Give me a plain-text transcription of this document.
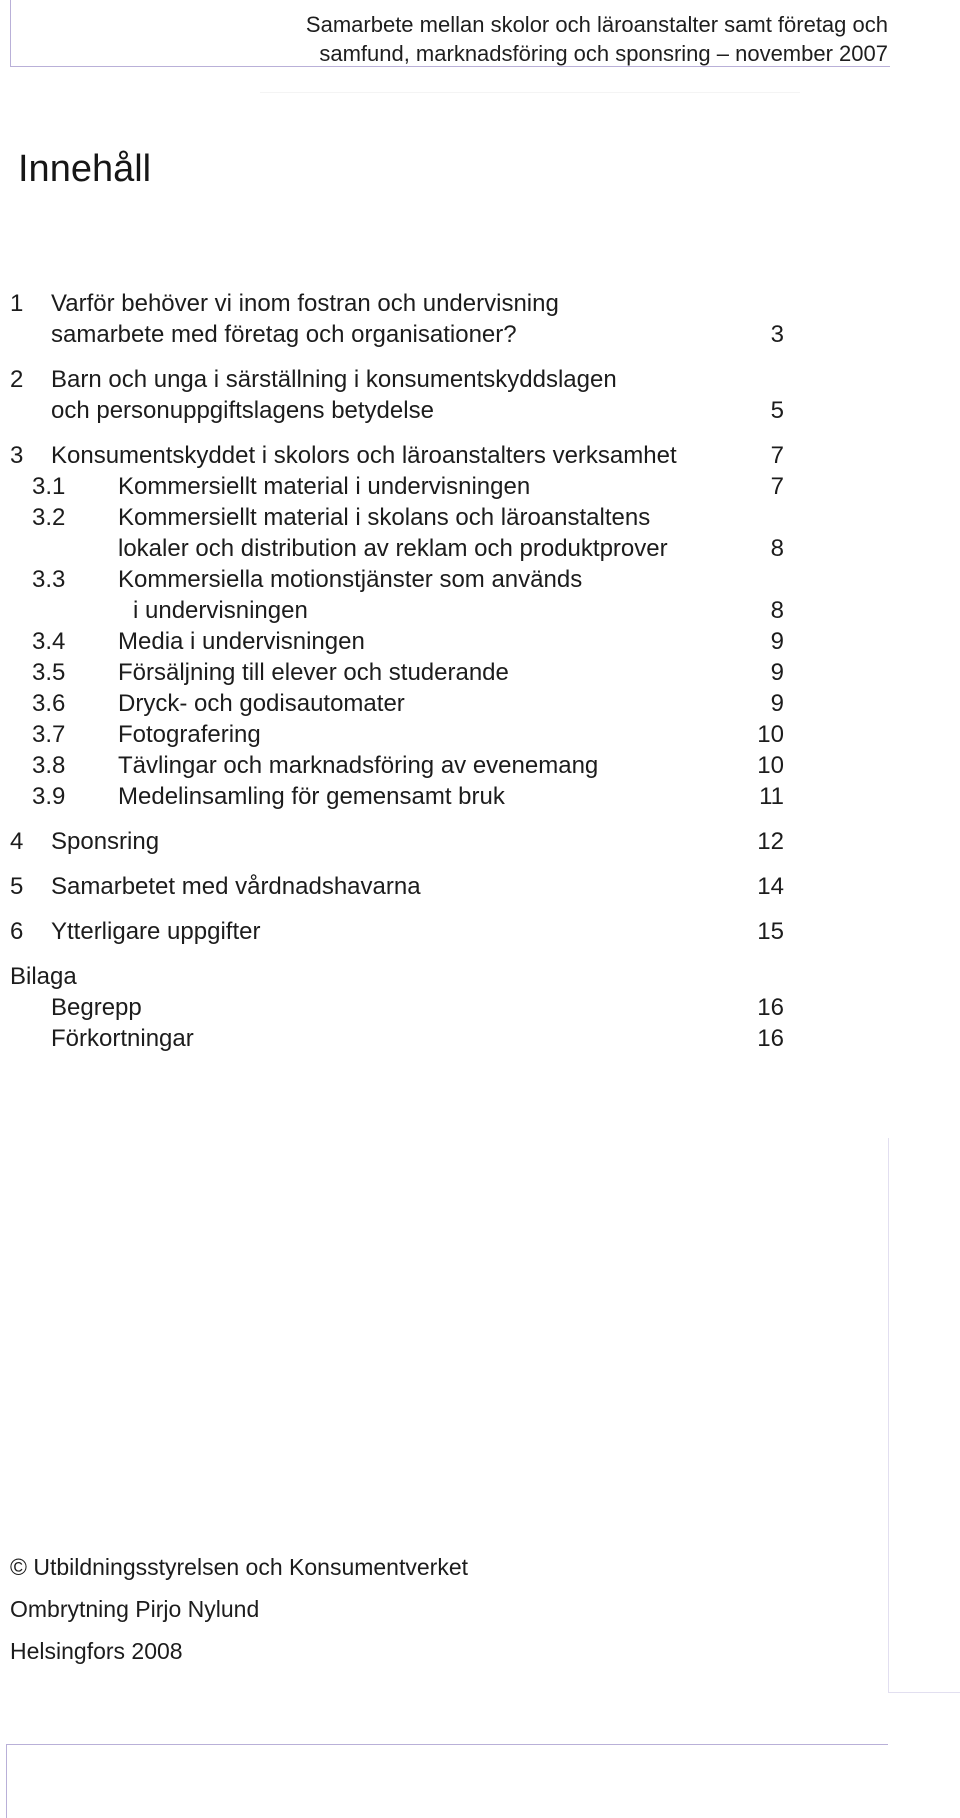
Samarbete mellan skolor och läroanstalter samt företag och
samfund, marknadsföring och sponsring – november 2007
Innehåll
1 Varför behöver vi inom fostran och undervisning
samarbete med företag och organisationer?	3
2 Barn och unga i särställning i konsumentskyddslagen
och personuppgiftslagens betydelse	5
3 Konsumentskyddet i skolors och läroanstalters verksamhet	7
3.1 Kommersiellt material i undervisningen	7
3.2 Kommersiellt material i skolans och läroanstaltens
lokaler och distribution av reklam och produktprover	8
3.3 Kommersiella motionstjänster som används
i undervisningen	8
3.4 Media i undervisningen	9
3.5 Försäljning till elever och studerande	9
3.6 Dryck- och godisautomater	9
3.7 Fotografering	10
3.8 Tävlingar och marknadsföring av evenemang	10
3.9 Medelinsamling för gemensamt bruk	11
4 Sponsring	12
5 Samarbetet med vårdnadshavarna	14
6 Ytterligare uppgifter	15
Bilaga
Begrepp	16
Förkortningar	16
© Utbildningsstyrelsen och Konsumentverket
Ombrytning Pirjo Nylund
Helsingfors 2008
